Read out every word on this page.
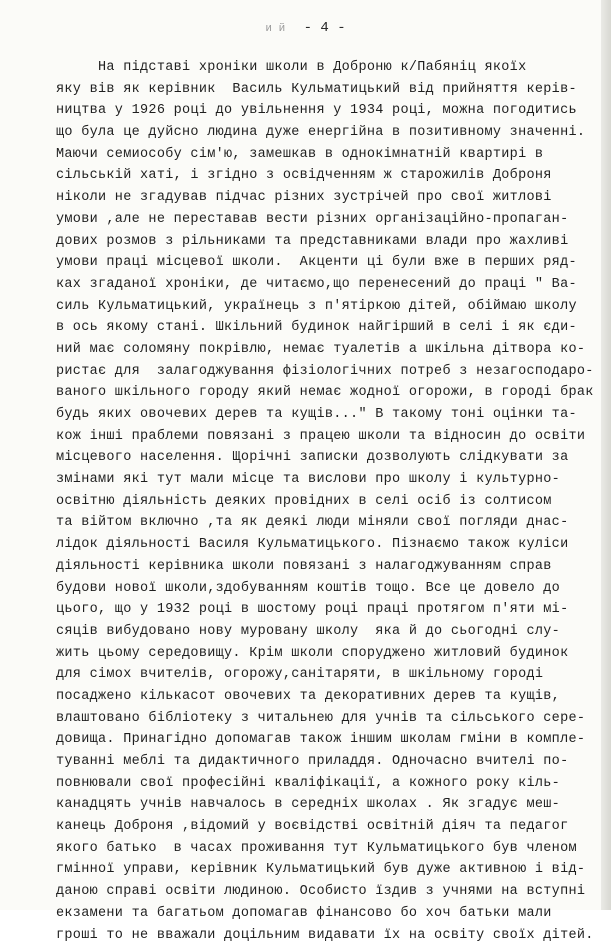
и й - 4 -
На підставі хроніки школи в Доброню к/Пабяніц якоїх
яку вів як керівник  Василь Кульматицький від прийняття керів-
ництва у 1926 році до увільнення у 1934 році, можна погодитись
що була це дуйсно людина дуже енергійна в позитивному значенні.
Маючи семиособу сім'ю, замешкав в однокімнатній квартирі в
сільській хаті, і згідно з освідченням ж старожилів Доброня
ніколи не згадував підчас різних зустрічей про свої житлові
умови ,але не переставав вести різних організаційно-пропаган-
дових розмов з рільниками та представниками влади про жахливі
умови праці місцевої школи.  Акценти ці були вже в перших ряд-
ках згаданої хроніки, де читаємо,що перенесений до праці " Ва-
силь Кульматицький, українець з п'ятіркою дітей, обіймаю школу
в ось якому стані. Шкільний будинок найгірший в селі і як єди-
ний має соломяну покрівлю, немає туалетів а шкільна дітвора ко-
ристає для  залагоджування фізіологічних потреб з незагосподаро-
ваного шкільного городу який немає жодної огорожи, в городі брак
будь яких овочевих дерев та кущів..." В такому тоні оцінки та-
кож інші праблеми повязані з працею школи та відносин до освіти
місцевого населення. Щорічні записки дозволують слідкувати за
змінами які тут мали місце та вислови про школу і культурно-
освітню діяльність деяких провідних в селі осіб із солтисом
та війтом включно ,та як деякі люди міняли свої погляди днас-
лідок діяльності Василя Кульматицького. Пізнаємо також куліси
діяльності керівника школи повязані з налагоджуванням справ
будови нової школи,здобуванням коштів тощо. Все це довело до
цього, що у 1932 році в шостому році праці протягом п'яти мі-
сяців вибудовано нову муровану школу  яка й до сьогодні слу-
жить цьому середовищу. Крім школи споруджено житловий будинок
для сімох вчителів, огорожу,санітаряти, в шкільному городі
посаджено кількасот овочевих та декоративних дерев та кущів,
влаштовано бібліотеку з читальнею для учнів та сільського сере-
довища. Принагідно допомагав також іншим школам гміни в компле-
туванні меблі та дидактичного приладдя. Одночасно вчителі по-
повнювали свої професійні кваліфікації, а кожного року кіль-
канадцять учнів навчалось в середніх школах . Як згадує меш-
канець Доброня ,відомий у воєвідстві освітній діяч та педагог
якого батько  в часах проживання тут Кульматицького був членом
гмінної управи, керівник Кульматицький був дуже активною і від-
даною справі освіти людиною. Особисто їздив з учнями на вступні
екзамени та багатьом допомагав фінансово бо хоч батьки мали
гроші то не вважали доцільним видавати їх на освіту своїх дітей.
